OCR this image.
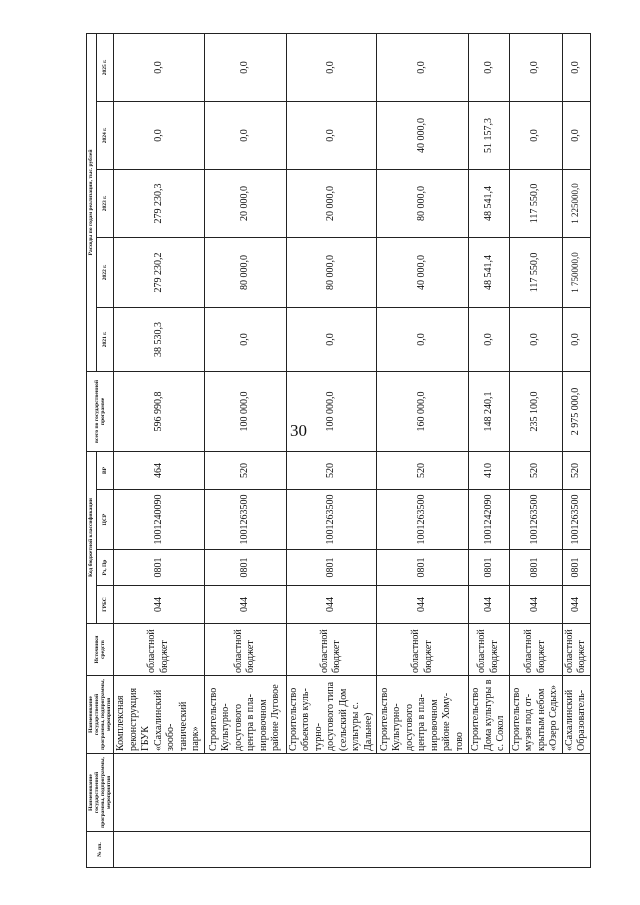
30
№ пп.	Наименование государственной программы, подпрограммы, мероприятия	Наименование государственной программы, подпрограммы, мероприятия	Источники средств	Код бюджетной классификации				всего по государственной программе	Расходы по годам реализации, тыс. рублей				
				ГРБС	Рз, Пр	ЦСР	ВР		2021 г.	2022 г.	2023 г.	2024 г.	2025 г.
		Комплексная реконструкция ГБУК «Сахалинский зообо-танический парк»	областной бюджет	044	0801	1001240090	464	596 990,8	38 530,3	279 230,2	279 230,3	0,0	0,0
		Строительство Культурно-досугового центра в пла-нировочном районе Луговое	областной бюджет	044	0801	1001263500	520	100 000,0	0,0	80 000,0	20 000,0	0,0	0,0
		Строительство объектов куль-турно-досугового типа (сельский Дом культуры с. Дальнее)	областной бюджет	044	0801	1001263500	520	100 000,0	0,0	80 000,0	20 000,0	0,0	0,0
		Строительство Культурно-досугового центра в пла-нировочном районе Хому-тово	областной бюджет	044	0801	1001263500	520	160 000,0	0,0	40 000,0	80 000,0	40 000,0	0,0
		Строительство Дома культуры в с. Сокол	областной бюджет	044	0801	1001242090	410	148 240,1	0,0	48 541,4	48 541,4	51 157,3	0,0
		Строительство музея под от-крытым небом «Озеро Седых»	областной бюджет	044	0801	1001263500	520	235 100,0	0,0	117 550,0	117 550,0	0,0	0,0
		«Сахалинский Образователь-	областной бюджет	044	0801	1001263500	520	2 975 000,0	0,0	1 750000,0	1 225000,0	0,0	0,0
